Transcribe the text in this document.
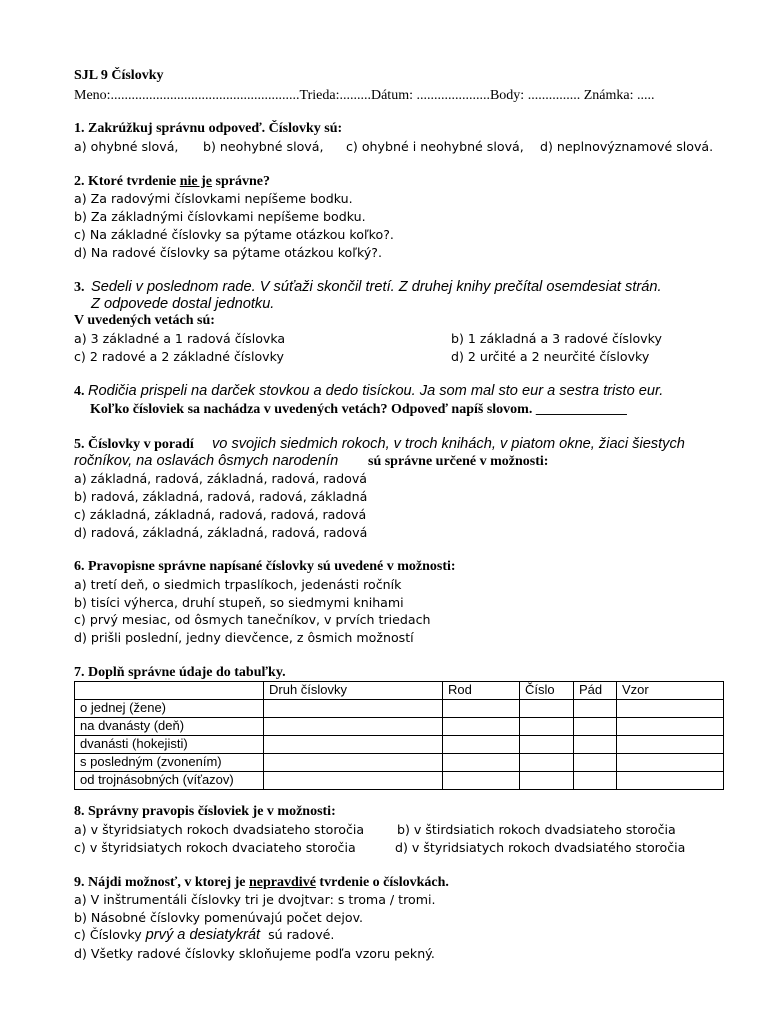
SJL 9 Číslovky
Meno:......................................................Trieda:.........Dátum: .....................Body: ............... Známka: .....
1. Zakrúžkuj správnu odpoveď. Číslovky sú:
a) ohybné slová, b) neohybné slová, c) ohybné i neohybné slová, d) neplnovýznamové slová.
2. Ktoré tvrdenie nie je správne?
a) Za radovými číslovkami nepíšeme bodku.
b) Za základnými číslovkami nepíšeme bodku.
c) Na základné číslovky sa pýtame otázkou koľko?.
d) Na radové číslovky sa pýtame otázkou koľký?.
3. Sedeli v poslednom rade. V súťaži skončil tretí. Z druhej knihy prečítal osemdesiat strán.
Z odpovede dostal jednotku.
V uvedených vetách sú:
a) 3 základné a 1 radová číslovka	b) 1 základná a 3 radové číslovky
c) 2 radové a 2 základné číslovky	d) 2 určité a 2 neurčité číslovky
4. Rodičia prispeli na darček stovkou a dedo tisíckou. Ja som mal sto eur a sestra tristo eur.
Koľko čísloviek sa nachádza v uvedených vetách? Odpoveď napíš slovom. _____________
5. Číslovky v poradí vo svojich siedmich rokoch, v troch knihách, v piatom okne, žiaci šiestych
ročníkov, na oslavách ôsmych narodenín sú správne určené v možnosti:
a) základná, radová, základná, radová, radová
b) radová, základná, radová, radová, základná
c) základná, základná, radová, radová, radová
d) radová, základná, základná, radová, radová
6. Pravopisne správne napísané číslovky sú uvedené v možnosti:
a) tretí deň, o siedmich trpaslíkoch, jedenásti ročník
b) tisíci výherca, druhí stupeň, so siedmymi knihami
c) prvý mesiac, od ôsmych tanečníkov, v prvích triedach
d) prišli poslední, jedny dievčence, z ôsmich možností
7. Doplň správne údaje do tabuľky.
	Druh číslovky	Rod	Číslo	Pád	Vzor
o jednej (žene)					
na dvanásty (deň)					
dvanásti (hokejisti)					
s posledným (zvonením)					
od trojnásobných (víťazov)					
8. Správny pravopis čísloviek je v možnosti:
a) v štyridsiatych rokoch dvadsiateho storočia	b) v štirdsiatich rokoch dvadsiateho storočia
c) v štyridsiatych rokoch dvaciateho storočia	d) v štyridsiatych rokoch dvadsiatého storočia
9. Nájdi možnosť, v ktorej je nepravdivé tvrdenie o číslovkách.
a) V inštrumentáli číslovky tri je dvojtvar: s troma / tromi.
b) Násobné číslovky pomenúvajú počet dejov.
c) Číslovky prvý a desiatykrát sú radové.
d) Všetky radové číslovky skloňujeme podľa vzoru pekný.
